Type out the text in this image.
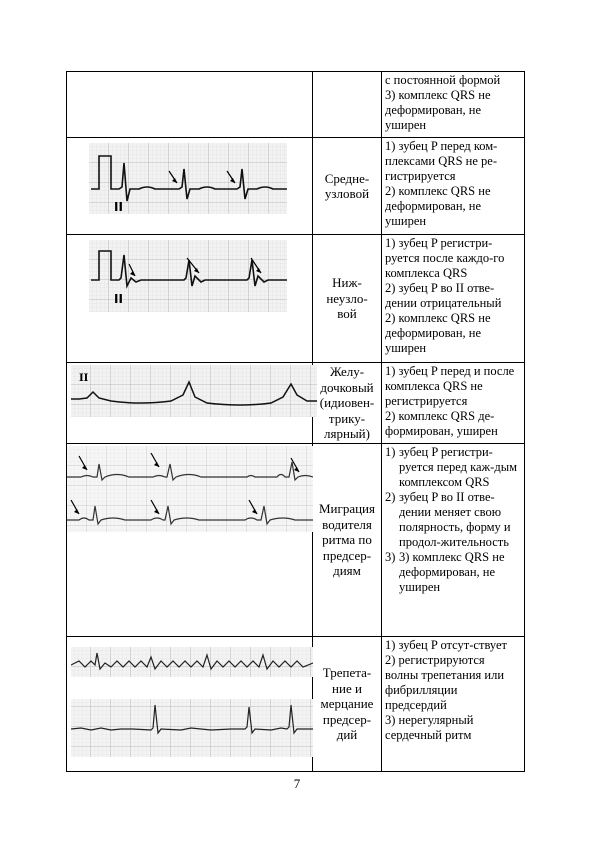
с постоянной формой
3) комплекс QRS не деформирован, не уширен
II
Средне-
узловой
1) зубец P перед ком-плексами QRS не ре-гистрируется
2) комплекс QRS не деформирован, не уширен
II
Ниж-
неузло-
вой
1) зубец P регистри-руется после каждо-го комплекса QRS
2) зубец P во II отве-дении отрицательный
2) комплекс QRS не деформирован, не уширен
II	Желу-
дочковый
(идиовен-
трику-
лярный)
1) зубец P перед и после комплекса QRS не регистрируется
2) комплекс QRS де-формирован, уширен
Миграция
водителя
ритма по
предсер-
диям
1) зубец P регистри-руется перед каж-дым комплексом QRS
2) зубец P во II отве-дении меняет свою полярность, форму и продол-жительность
3) 3) комплекс QRS не деформирован, не уширен
Трепета-
ние и
мерцание
предсер-
дий
1) зубец P отсут-ствует
2) регистрируются волны трепетания или фибрилляции предсердий
3) нерегулярный сердечный ритм
7
